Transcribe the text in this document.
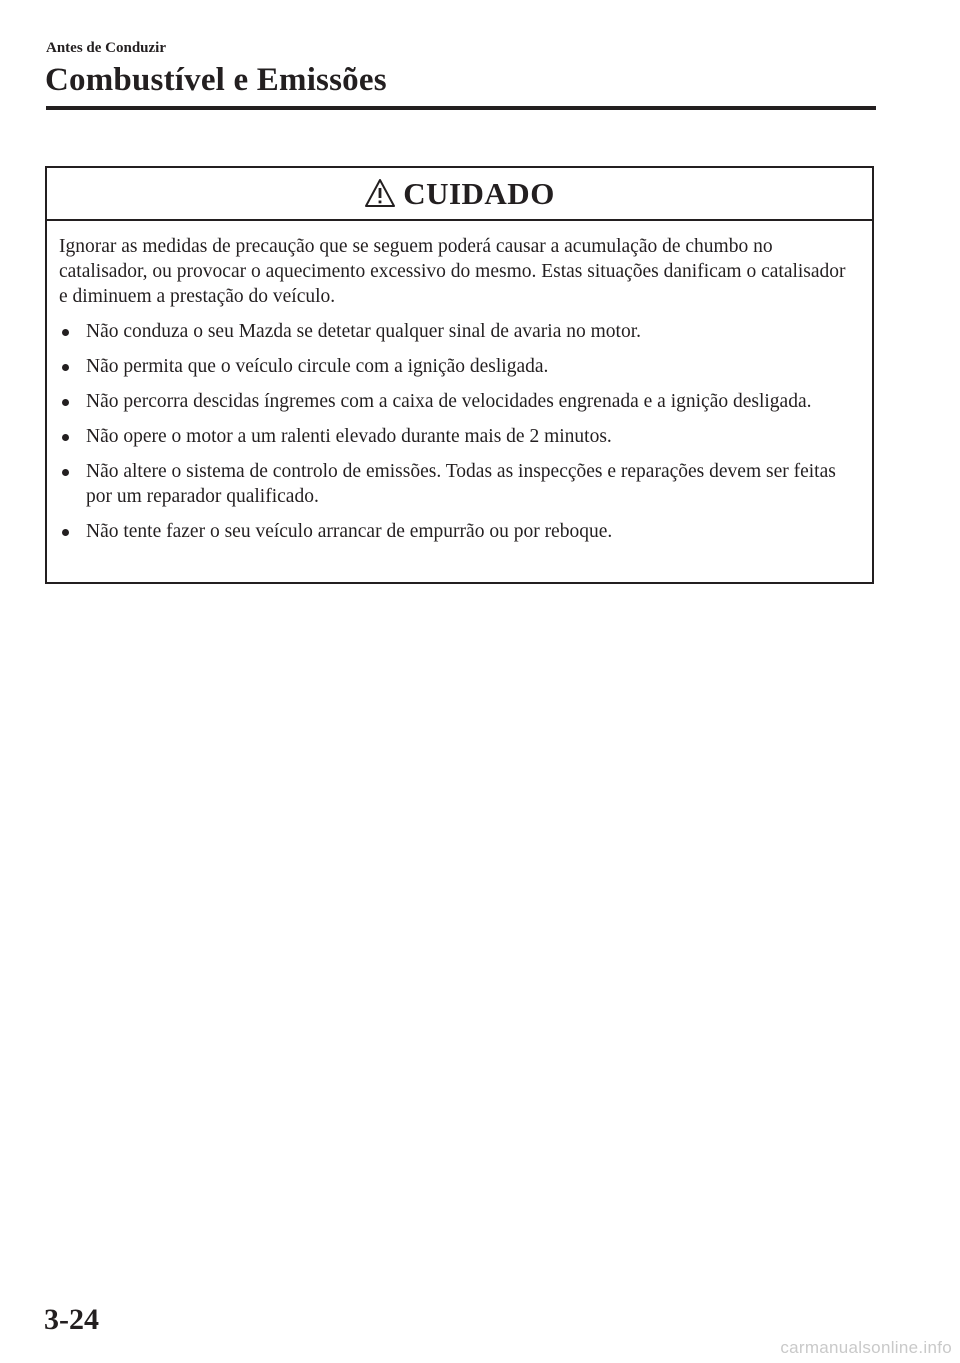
Antes de Conduzir
Combustível e Emissões
CUIDADO

Ignorar as medidas de precaução que se seguem poderá causar a acumulação de chumbo no catalisador, ou provocar o aquecimento excessivo do mesmo. Estas situações danificam o catalisador e diminuem a prestação do veículo.

Não conduza o seu Mazda se detetar qualquer sinal de avaria no motor.
Não permita que o veículo circule com a ignição desligada.
Não percorra descidas íngremes com a caixa de velocidades engrenada e a ignição desligada.
Não opere o motor a um ralenti elevado durante mais de 2 minutos.
Não altere o sistema de controlo de emissões. Todas as inspecções e reparações devem ser feitas por um reparador qualificado.
Não tente fazer o seu veículo arrancar de empurrão ou por reboque.
3-24
carmanualsonline.info
